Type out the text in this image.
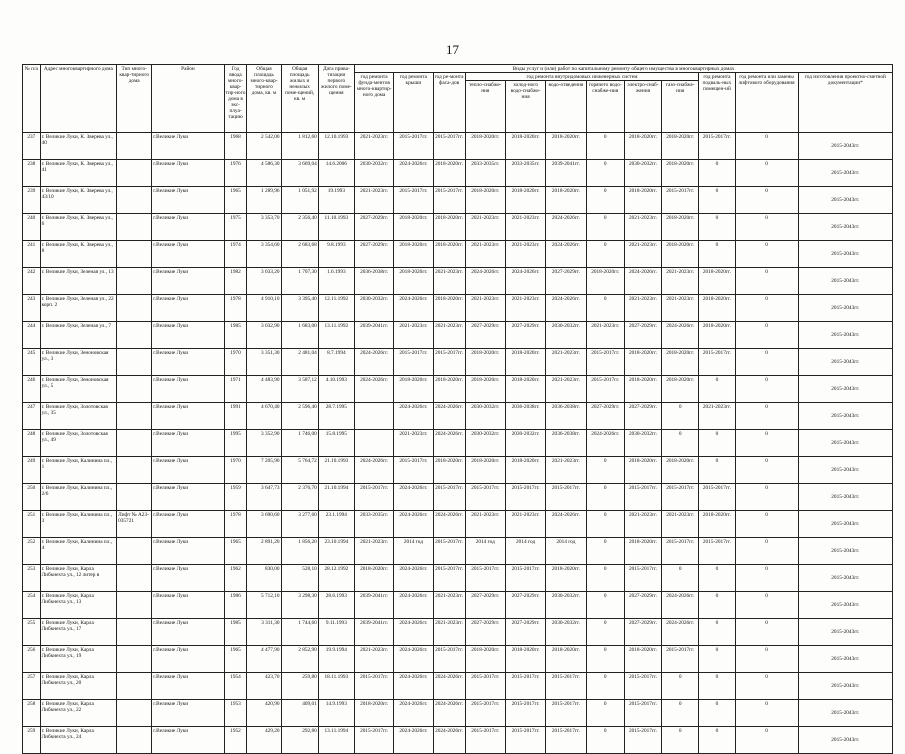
17
№ п/а	Адрес многоквартирного дома	Тип много-квар-тирного дома	Район	Год ввода много-квар-тир-ного дома в экс-плуа-тацию	Общая площадь много-квар-тирного дома, кв. м	Общая площадь жилых и нежилых поме-щений, кв. м	Дата прива-тизации первого жилого поме-щения	Виды услуг и (или) работ по капитальному ремонту общего имущества в многоквартирных домах											
								год ремонта фунда-ментов много-квартир-ного дома	год ремонта крыши	год ре-монта фаса-дов	год ремонта внутридомовых инженерных систем						год ремонта подваль-ных помещен-ий	год ремонта или замены лифтового оборудования	год изготовления проектно-сметной документации*
											тепло-снабже-ния	холод-ного водо-снабже-ния	водо-отведения	горячего водо-снабже-ния	электро-снаб-жения	газо-снабже-ния			
237	г. Великие Луки, К. Зверева ул., 40		г.Великие Луки	1968	2 542,00	1 812,60	12.10.1993	2021-2023гг.	2015-2017гг.	2015-2017гг.	2018-2020гг.	2018-2020гг.	2018-2020гг.	0	2018-2020гг.	2018-2020гг.	2015-2017гг.	0	2015-2043гг.
238	г. Великие Луки, К. Зверева ул., 41		г.Великие Луки	1976	4 586,30	3 669,04	14.6.2006	2030-2032гг.	2024-2026гг.	2018-2020гг.	2033-2035гг.	2033-2035гг.	2039-2041гг.	0	2030-2032гг.	2018-2020гг.	0	0	2015-2043гг.
239	г. Великие Луки, К. Зверева ул., 43/10		г.Великие Луки	1965	1 289,96	1 051,92	19.1993	2021-2023гг.	2015-2017гг.	2015-2017гг.	2018-2020гг.	2018-2020гг.	2018-2020гг.	0	2018-2020гг.	2015-2017гг.	0	0	2015-2043гг.
240	г. Великие Луки, К. Зверева ул., 6		г.Великие Луки	1975	3 353,70	2 356,40	11.10.1993	2027-2029гг.	2018-2020гг.	2018-2020гг.	2021-2023гг.	2021-2023гг.	2024-2026гг.	0	2021-2023гг.	2018-2020гг.	0	0	2015-2043гг.
241	г. Великие Луки, К. Зверева ул., 8		г.Великие Луки	1974	3 354,60	2 683,68	9.8.1993	2027-2029гг.	2018-2020гг.	2018-2020гг.	2021-2023гг.	2021-2023гг.	2024-2026гг.	0	2021-2023гг.	2018-2020гг.	0	0	2015-2043гг.
242	г. Великие Луки, Зеленая ул., 13		г.Великие Луки	1982	3 033,20	1 707,30	1.6.1993	2036-2038гг.	2018-2020гг.	2021-2023гг.	2024-2026гг.	2024-2026гг.	2027-2029гг.	2018-2020гг.	2024-2026гг.	2021-2023гг.	2018-2020гг.	0	2015-2043гг.
243	г. Великие Луки, Зеленая ул., 22 корп. 2		г.Великие Луки	1978	4 910,10	3 395,40	12.11.1992	2030-2032гг.	2024-2026гг.	2018-2020гг.	2021-2023гг.	2021-2023гг.	2024-2026гг.	0	2021-2023гг.	2021-2023гг.	2018-2020гг.	0	2015-2043гг.
244	г. Великие Луки, Зеленая ул., 7		г.Великие Луки	1985	3 032,90	1 683,00	13.11.1992	2039-2041гг.	2021-2023гг.	2021-2023гг.	2027-2029гг.	2027-2029гг.	2030-2032гг.	2021-2023гг.	2027-2029гг.	2024-2026гг.	2018-2020гг.	0	2015-2043гг.
245	г. Великие Луки, Зеноновская ул., 3		г.Великие Луки	1970	3 351,30	2 481,04	8.7.1994	2024-2026гг.	2015-2017гг.	2015-2017гг.	2018-2020гг.	2018-2020гг.	2021-2023гг.	2015-2017гг.	2018-2020гг.	2018-2020гг.	2015-2017гг.	0	2015-2043гг.
246	г. Великие Луки, Зеноновская ул., 5		г.Великие Луки	1971	4 483,90	3 587,12	4.10.1993	2024-2026гг.	2018-2020гг.	2018-2020гг.	2018-2020гг.	2018-2020гг.	2021-2023гг.	2015-2017гг.	2018-2020гг.	2018-2020гг.	0	0	2015-2043гг.
247	г. Великие Луки, Золотовская ул., 35		г.Великие Луки	1991	4 670,40	2 596,40	28.7.1995		2024-2026гг.	2024-2026гг.	2030-2032гг.	2036-2038гг.	2036-2038гг.	2027-2029гг.	2027-2029гг.	0	2021-2023гг.	0	2015-2043гг.
248	г. Великие Луки, Золотовская ул., 49		г.Великие Луки	1995	3 352,90	1 746,00	15.8.1995		2021-2023гг.	2024-2026гг.	2030-2032гг.	2030-2032гг.	2036-2038гг.	2024-2026гг.	2030-2032гг.	0	0	0	2015-2043гг.
249	г. Великие Луки, Калинина пл., 1		г.Великие Луки	1970	7 205,90	5 764,72	21.10.1993	2024-2026гг.	2015-2017гг.	2018-2020гг.	2018-2020гг.	2018-2020гг.	2021-2023гг.	0	2018-2020гг.	2018-2020гг.	0	0	2015-2043гг.
250	г. Великие Луки, Калинина пл., 2/6		г.Великие Луки	1959	3 647,73	2 376,70	21.10.1994	2015-2017гг.	2024-2026гг.	2015-2017гг.	2015-2017гг.	2015-2017гг.	2015-2017гг.	0	2015-2017гг.	2015-2017гг.	2015-2017гг.	0	2015-2043гг.
251	г. Великие Луки, Калинина пл., 3	Лифт № А23-035721	г.Великие Луки	1978	3 690,60	3 277,60	23.1.1994	2033-2035гг.	2024-2026гг.	2024-2026гг.	2021-2023гг.	2021-2023гг.	2024-2026гг.	0	2021-2023гг.	2021-2023гг.	2018-2020гг.	0	2015-2043гг.
252	г. Великие Луки, Калинина пл., 4		г.Великие Луки	1965	2 891,20	1 856,20	23.10.1994	2021-2023гг.	2014 год	2015-2017гг.	2014 год	2014 год	2014 год	0	2018-2020гг.	2015-2017гг.	2015-2017гг.	0	2015-2043гг.
253	г. Великие Луки, Карла Либкнехта ул., 12 литер в		г.Великие Луки	1962	830,00	528,10	28.12.1992	2018-2020гг.	2024-2026гг.	2015-2017гг.	2015-2017гг.	2015-2017гг.	2018-2020гг.	0	2015-2017гг.	0	0	0	2015-2043гг.
254	г. Великие Луки, Карла Либкнехта ул., 13		г.Великие Луки	1986	5 712,10	3 298,30	28.6.1993	2039-2041гг.	2024-2026гг.	2021-2023гг.	2027-2029гг.	2027-2029гг.	2030-2032гг.	0	2027-2029гг.	2024-2026гг.	0	0	2015-2043гг.
255	г. Великие Луки, Карла Либкнехта ул., 17		г.Великие Луки	1985	3 311,30	1 744,60	9.11.1993	2039-2041гг.	2024-2026гг.	2021-2023гг.	2027-2029гг.	2027-2029гг.	2030-2032гг.	0	2027-2029гг.	2024-2026гг.	0	0	2015-2043гг.
256	г. Великие Луки, Карла Либкнехта ул., 19		г.Великие Луки	1965	4 477,90	2 852,90	19.9.1994	2021-2023гг.	2024-2026гг.	2015-2017гг.	2018-2020гг.	2018-2020гг.	2018-2020гг.	0	2018-2020гг.	2015-2017гг.	0	0	2015-2043гг.
257	г. Великие Луки, Карла Либкнехта ул., 20		г.Великие Луки	1954	423,70	259,80	18.11.1993	2015-2017гг.	2024-2026гг.	2024-2026гг.	2015-2017гг.	2015-2017гг.	2015-2017гг.	0	2015-2017гг.	0	0	0	2015-2043гг.
258	г. Великие Луки, Карла Либкнехта ул., 22		г.Великие Луки	1953	420,90	409,01	14.9.1993	2018-2020гг.	2024-2026гг.	2024-2026гг.	2015-2017гг.	2015-2017гг.	2015-2017гг.	0	2015-2017гг.	0	0	0	2015-2043гг.
259	г. Великие Луки, Карла Либкнехта ул., 24		г.Великие Луки	1952	429,20	292,80	13.11.1994	2015-2017гг.	2024-2026гг.	2024-2026гг.	2015-2017гг.	2015-2017гг.	2015-2017гг.	0	2015-2017гг.	0	0	0	2015-2043гг.
